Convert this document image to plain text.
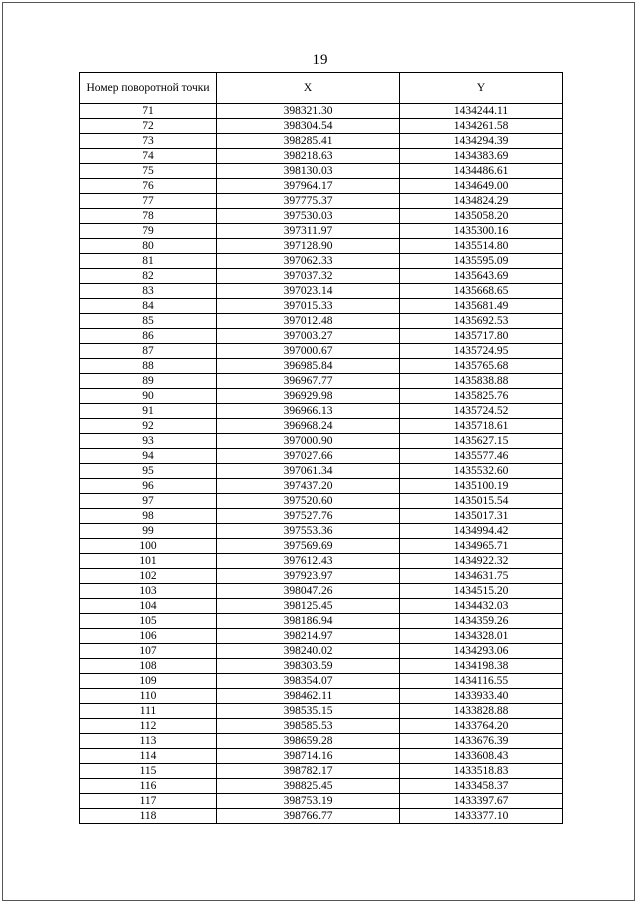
19
Номер поворотной точки	X	Y
71	398321.30	1434244.11
72	398304.54	1434261.58
73	398285.41	1434294.39
74	398218.63	1434383.69
75	398130.03	1434486.61
76	397964.17	1434649.00
77	397775.37	1434824.29
78	397530.03	1435058.20
79	397311.97	1435300.16
80	397128.90	1435514.80
81	397062.33	1435595.09
82	397037.32	1435643.69
83	397023.14	1435668.65
84	397015.33	1435681.49
85	397012.48	1435692.53
86	397003.27	1435717.80
87	397000.67	1435724.95
88	396985.84	1435765.68
89	396967.77	1435838.88
90	396929.98	1435825.76
91	396966.13	1435724.52
92	396968.24	1435718.61
93	397000.90	1435627.15
94	397027.66	1435577.46
95	397061.34	1435532.60
96	397437.20	1435100.19
97	397520.60	1435015.54
98	397527.76	1435017.31
99	397553.36	1434994.42
100	397569.69	1434965.71
101	397612.43	1434922.32
102	397923.97	1434631.75
103	398047.26	1434515.20
104	398125.45	1434432.03
105	398186.94	1434359.26
106	398214.97	1434328.01
107	398240.02	1434293.06
108	398303.59	1434198.38
109	398354.07	1434116.55
110	398462.11	1433933.40
111	398535.15	1433828.88
112	398585.53	1433764.20
113	398659.28	1433676.39
114	398714.16	1433608.43
115	398782.17	1433518.83
116	398825.45	1433458.37
117	398753.19	1433397.67
118	398766.77	1433377.10
